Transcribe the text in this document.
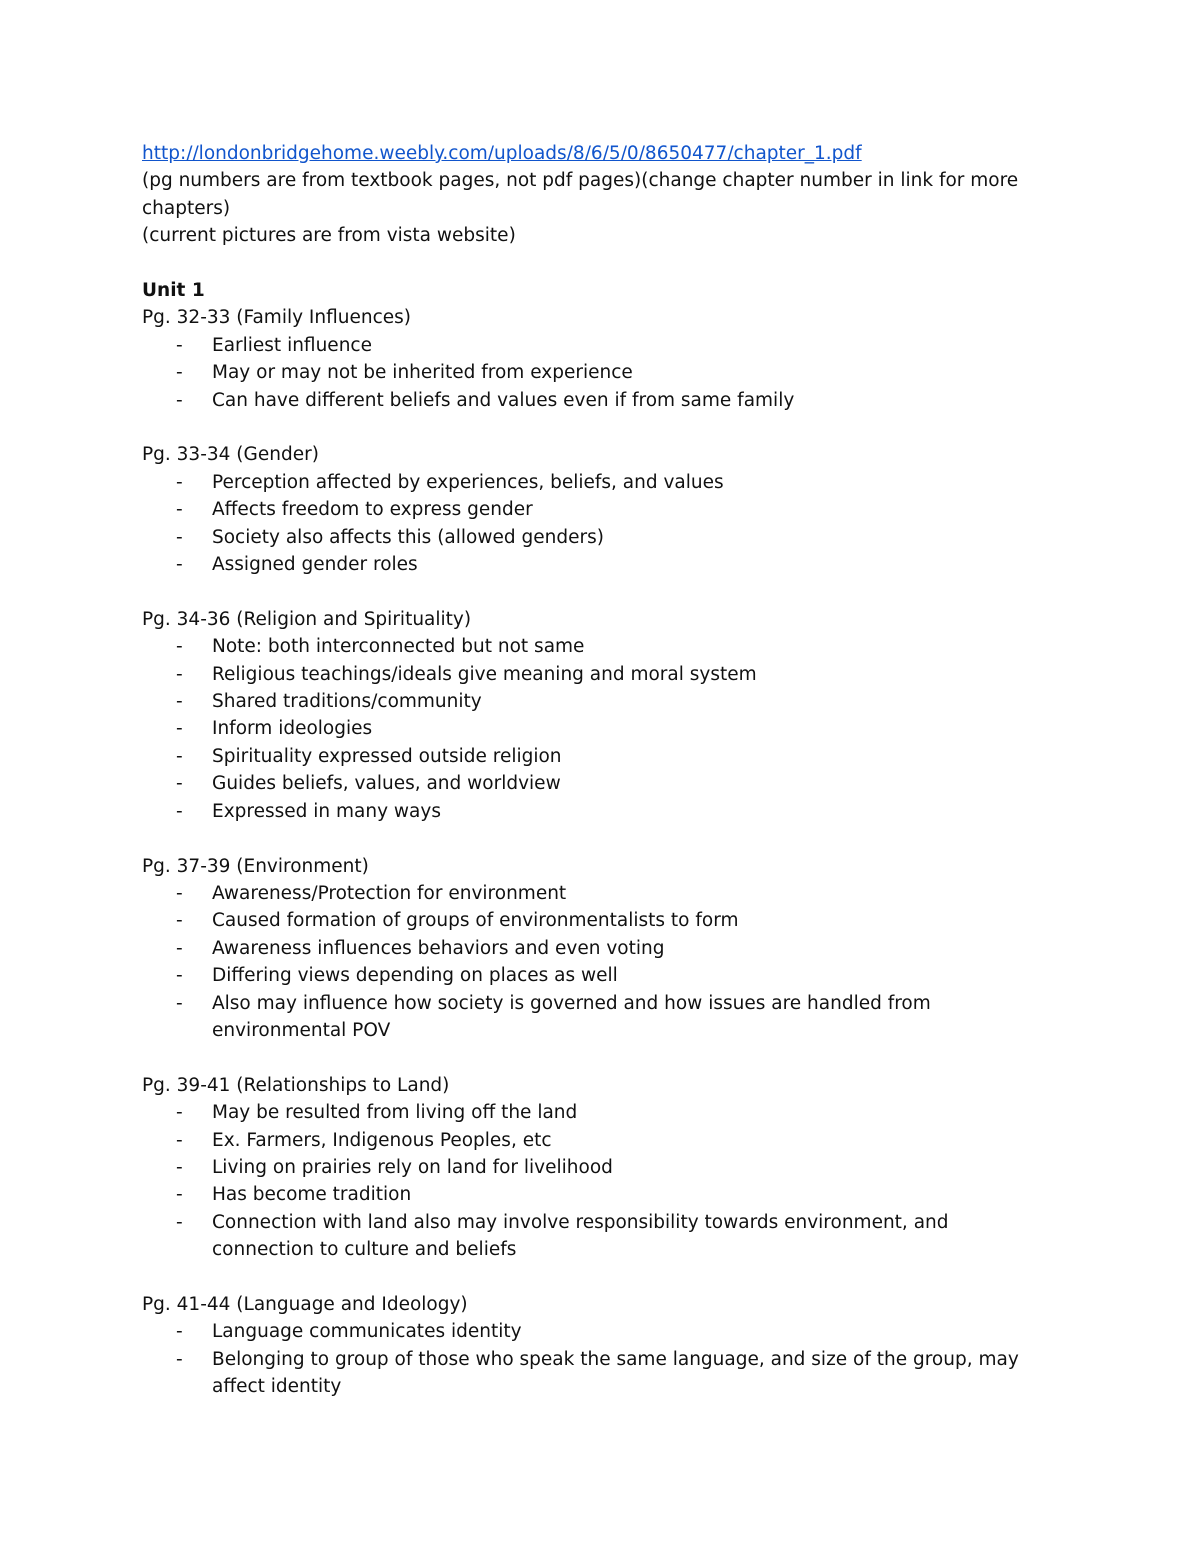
http://londonbridgehome.weebly.com/uploads/8/6/5/0/8650477/chapter_1.pdf
(pg numbers are from textbook pages, not pdf pages)(change chapter number in link for more chapters)
(current pictures are from vista website)
Unit 1
Pg. 32-33 (Family Influences)
- Earliest influence
- May or may not be inherited from experience
- Can have different beliefs and values even if from same family
Pg. 33-34 (Gender)
- Perception affected by experiences, beliefs, and values
- Affects freedom to express gender
- Society also affects this (allowed genders)
- Assigned gender roles
Pg. 34-36 (Religion and Spirituality)
- Note: both interconnected but not same
- Religious teachings/ideals give meaning and moral system
- Shared traditions/community
- Inform ideologies
- Spirituality expressed outside religion
- Guides beliefs, values, and worldview
- Expressed in many ways
Pg. 37-39 (Environment)
- Awareness/Protection for environment
- Caused formation of groups of environmentalists to form
- Awareness influences behaviors and even voting
- Differing views depending on places as well
- Also may influence how society is governed and how issues are handled from environmental POV
Pg. 39-41 (Relationships to Land)
- May be resulted from living off the land
- Ex. Farmers, Indigenous Peoples, etc
- Living on prairies rely on land for livelihood
- Has become tradition
- Connection with land also may involve responsibility towards environment, and connection to culture and beliefs
Pg. 41-44 (Language and Ideology)
- Language communicates identity
- Belonging to group of those who speak the same language, and size of the group, may affect identity
